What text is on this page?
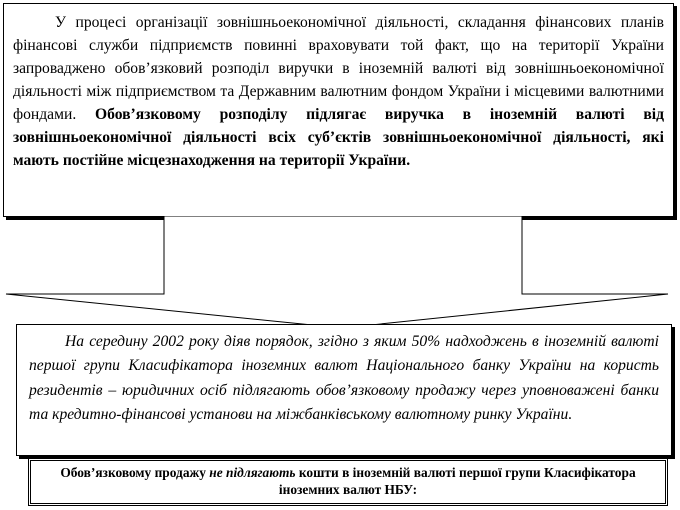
У процесі організації зовнішньоекономічної діяльності, складання фінансових планів фінансові служби підприємств повинні враховувати той факт, що на території України запроваджено обов’язковий розподіл виручки в іноземній валюті від зовнішньоекономічної діяльності між підприємством та Державним валютним фондом України і місцевими валютними фондами. Обов’язковому розподілу підлягає виручка в іноземній валюті від зовнішньоекономічної діяльності всіх суб’єктів зовнішньоекономічної діяльності, які мають постійне місцезнаходження на території України.

На середину 2002 року діяв порядок, згідно з яким 50% надходжень в іноземній валюті першої групи Класифікатора іноземних валют Національного банку України на користь резидентів – юридичних осіб підлягають обов’язковому продажу через уповноважені банки та кредитно-фінансові установи на міжбанківському валютному ринку України.

Обов’язковому продажу не підлягають кошти в іноземній валюті першої групи Класифікатора іноземних валют НБУ:
